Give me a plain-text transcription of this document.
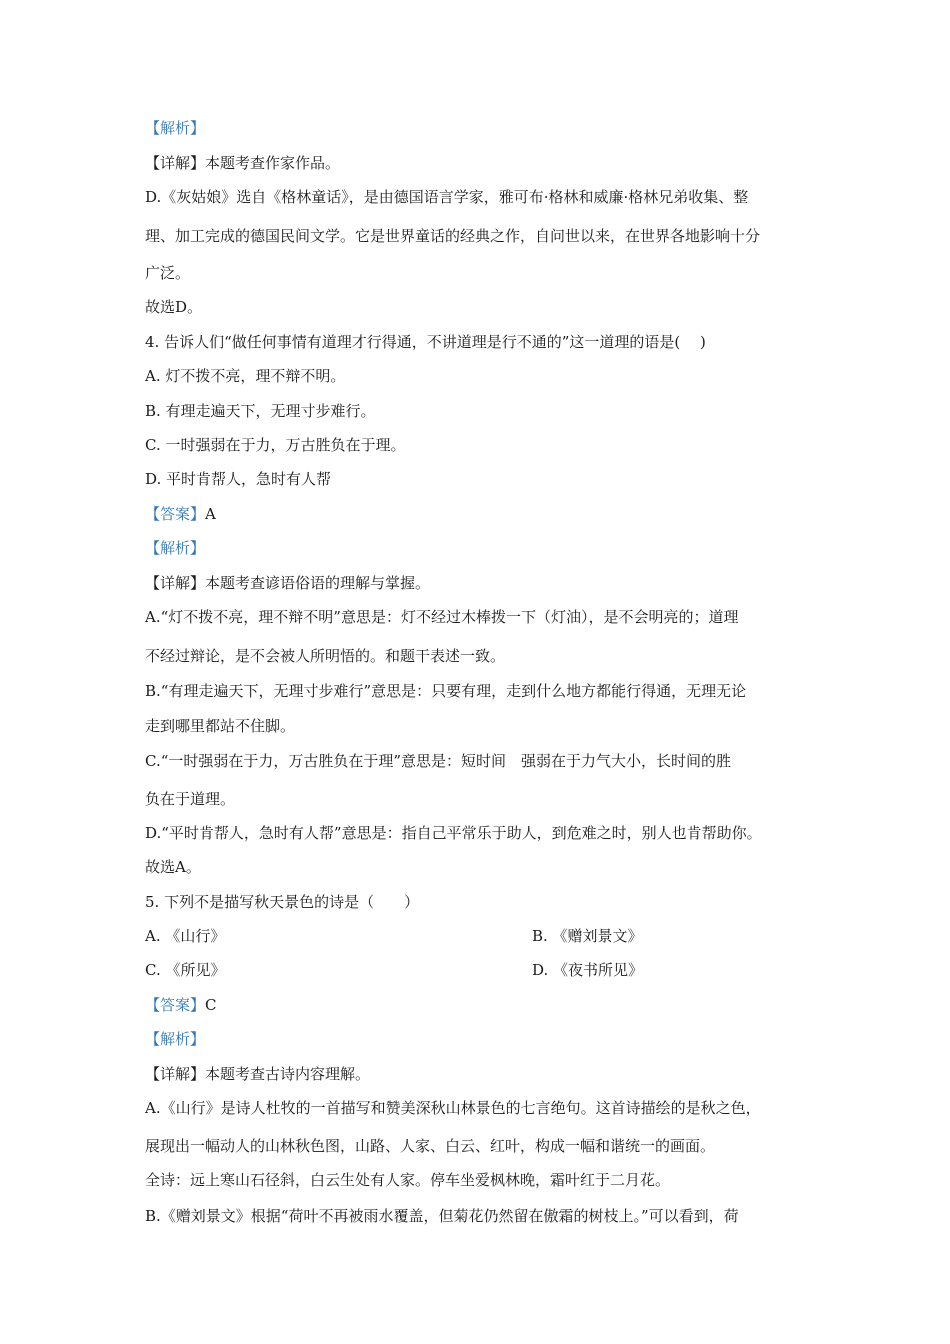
【解析】
【详解】本题考查作家作品。
D.《灰姑娘》选自《格林童话》，是由德国语言学家，雅可布·格林和威廉·格林兄弟收集、整
理、加工完成的德国民间文学。它是世界童话的经典之作，自问世以来，在世界各地影响十分
广泛。
故选D。
4. 告诉人们“做任何事情有道理才行得通，不讲道理是行不通的”这一道理的语是(　 )
A. 灯不拨不亮，理不辩不明。
B. 有理走遍天下，无理寸步难行。
C. 一时强弱在于力，万古胜负在于理。
D. 平时肯帮人，急时有人帮
【答案】A
【解析】
【详解】本题考查谚语俗语的理解与掌握。
A.“灯不拨不亮，理不辩不明”意思是：灯不经过木棒拨一下（灯油），是不会明亮的；道理
不经过辩论，是不会被人所明悟的。和题干表述一致。
B.“有理走遍天下，无理寸步难行”意思是：只要有理，走到什么地方都能行得通，无理无论
走到哪里都站不住脚。
C.“一时强弱在于力，万古胜负在于理”意思是：短时间　强弱在于力气大小，长时间的胜
负在于道理。
D.“平时肯帮人，急时有人帮”意思是：指自己平常乐于助人，到危难之时，别人也肯帮助你。
故选A。
5. 下列不是描写秋天景色的诗是（　　）
A. 《山行》	B. 《赠刘景文》
C. 《所见》	D. 《夜书所见》
【答案】C
【解析】
【详解】本题考查古诗内容理解。
A.《山行》是诗人杜牧的一首描写和赞美深秋山林景色的七言绝句。这首诗描绘的是秋之色，
展现出一幅动人的山林秋色图，山路、人家、白云、红叶，构成一幅和谐统一的画面。
全诗：远上寒山石径斜，白云生处有人家。停车坐爱枫林晚，霜叶红于二月花。
B.《赠刘景文》根据“荷叶不再被雨水覆盖，但菊花仍然留在傲霜的树枝上。”可以看到，荷
